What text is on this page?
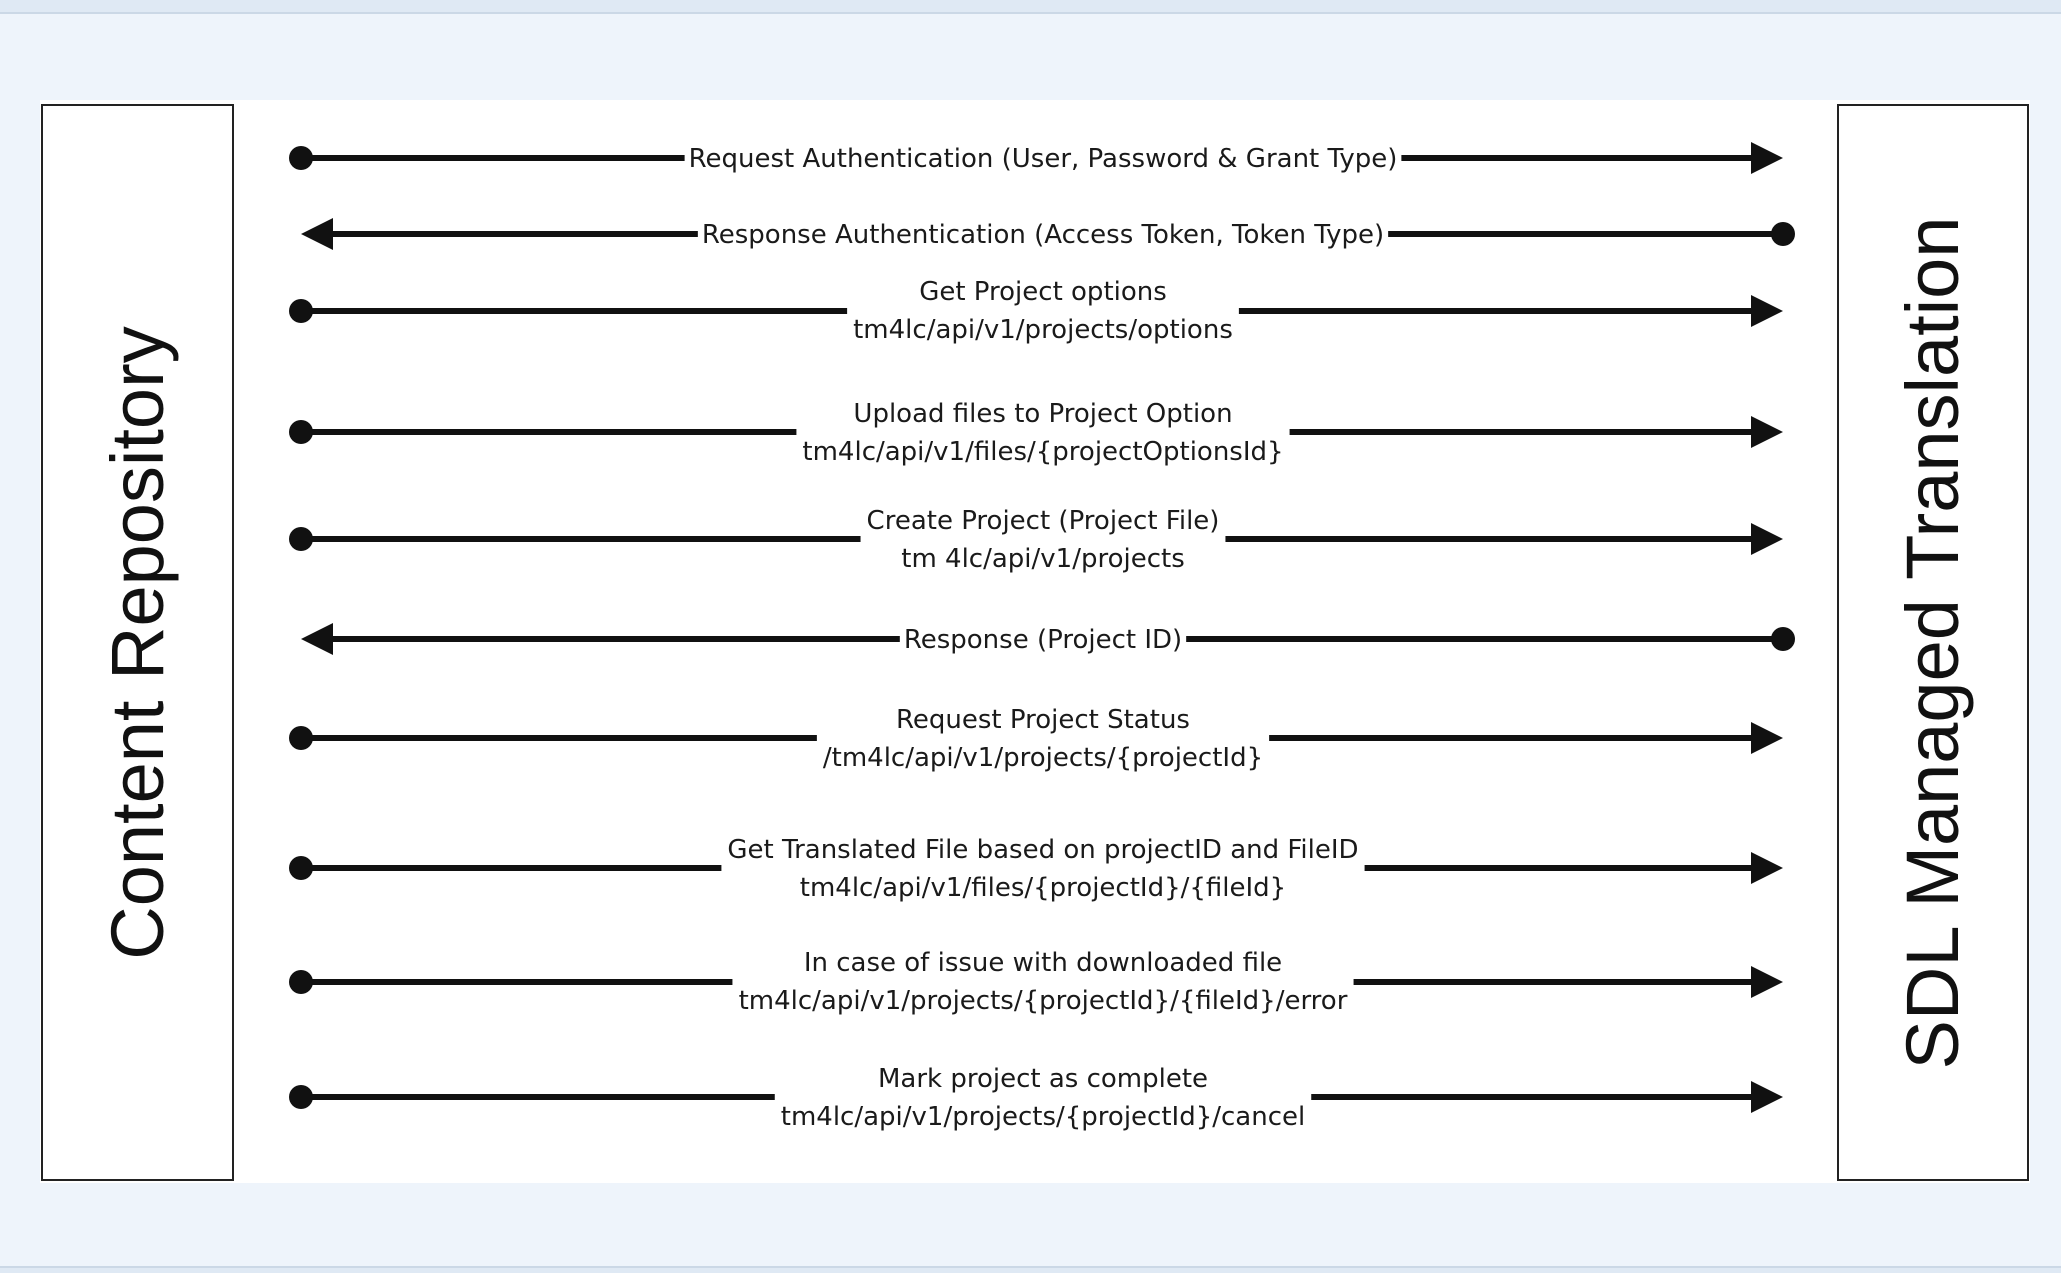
Content Repository	SDL Managed Translation
Request Authentication (User, Password & Grant Type)
Response Authentication (Access Token, Token Type)
Get Project options
tm4lc/api/v1/projects/options
Upload files to Project Option
tm4lc/api/v1/files/{projectOptionsId}
Create Project (Project File)
tm 4lc/api/v1/projects
Response (Project ID)
Request Project Status
/tm4lc/api/v1/projects/{projectId}
Get Translated File based on projectID and FileID
tm4lc/api/v1/files/{projectId}/{fileId}
In case of issue with downloaded file
tm4lc/api/v1/projects/{projectId}/{fileId}/error
Mark project as complete
tm4lc/api/v1/projects/{projectId}/cancel
